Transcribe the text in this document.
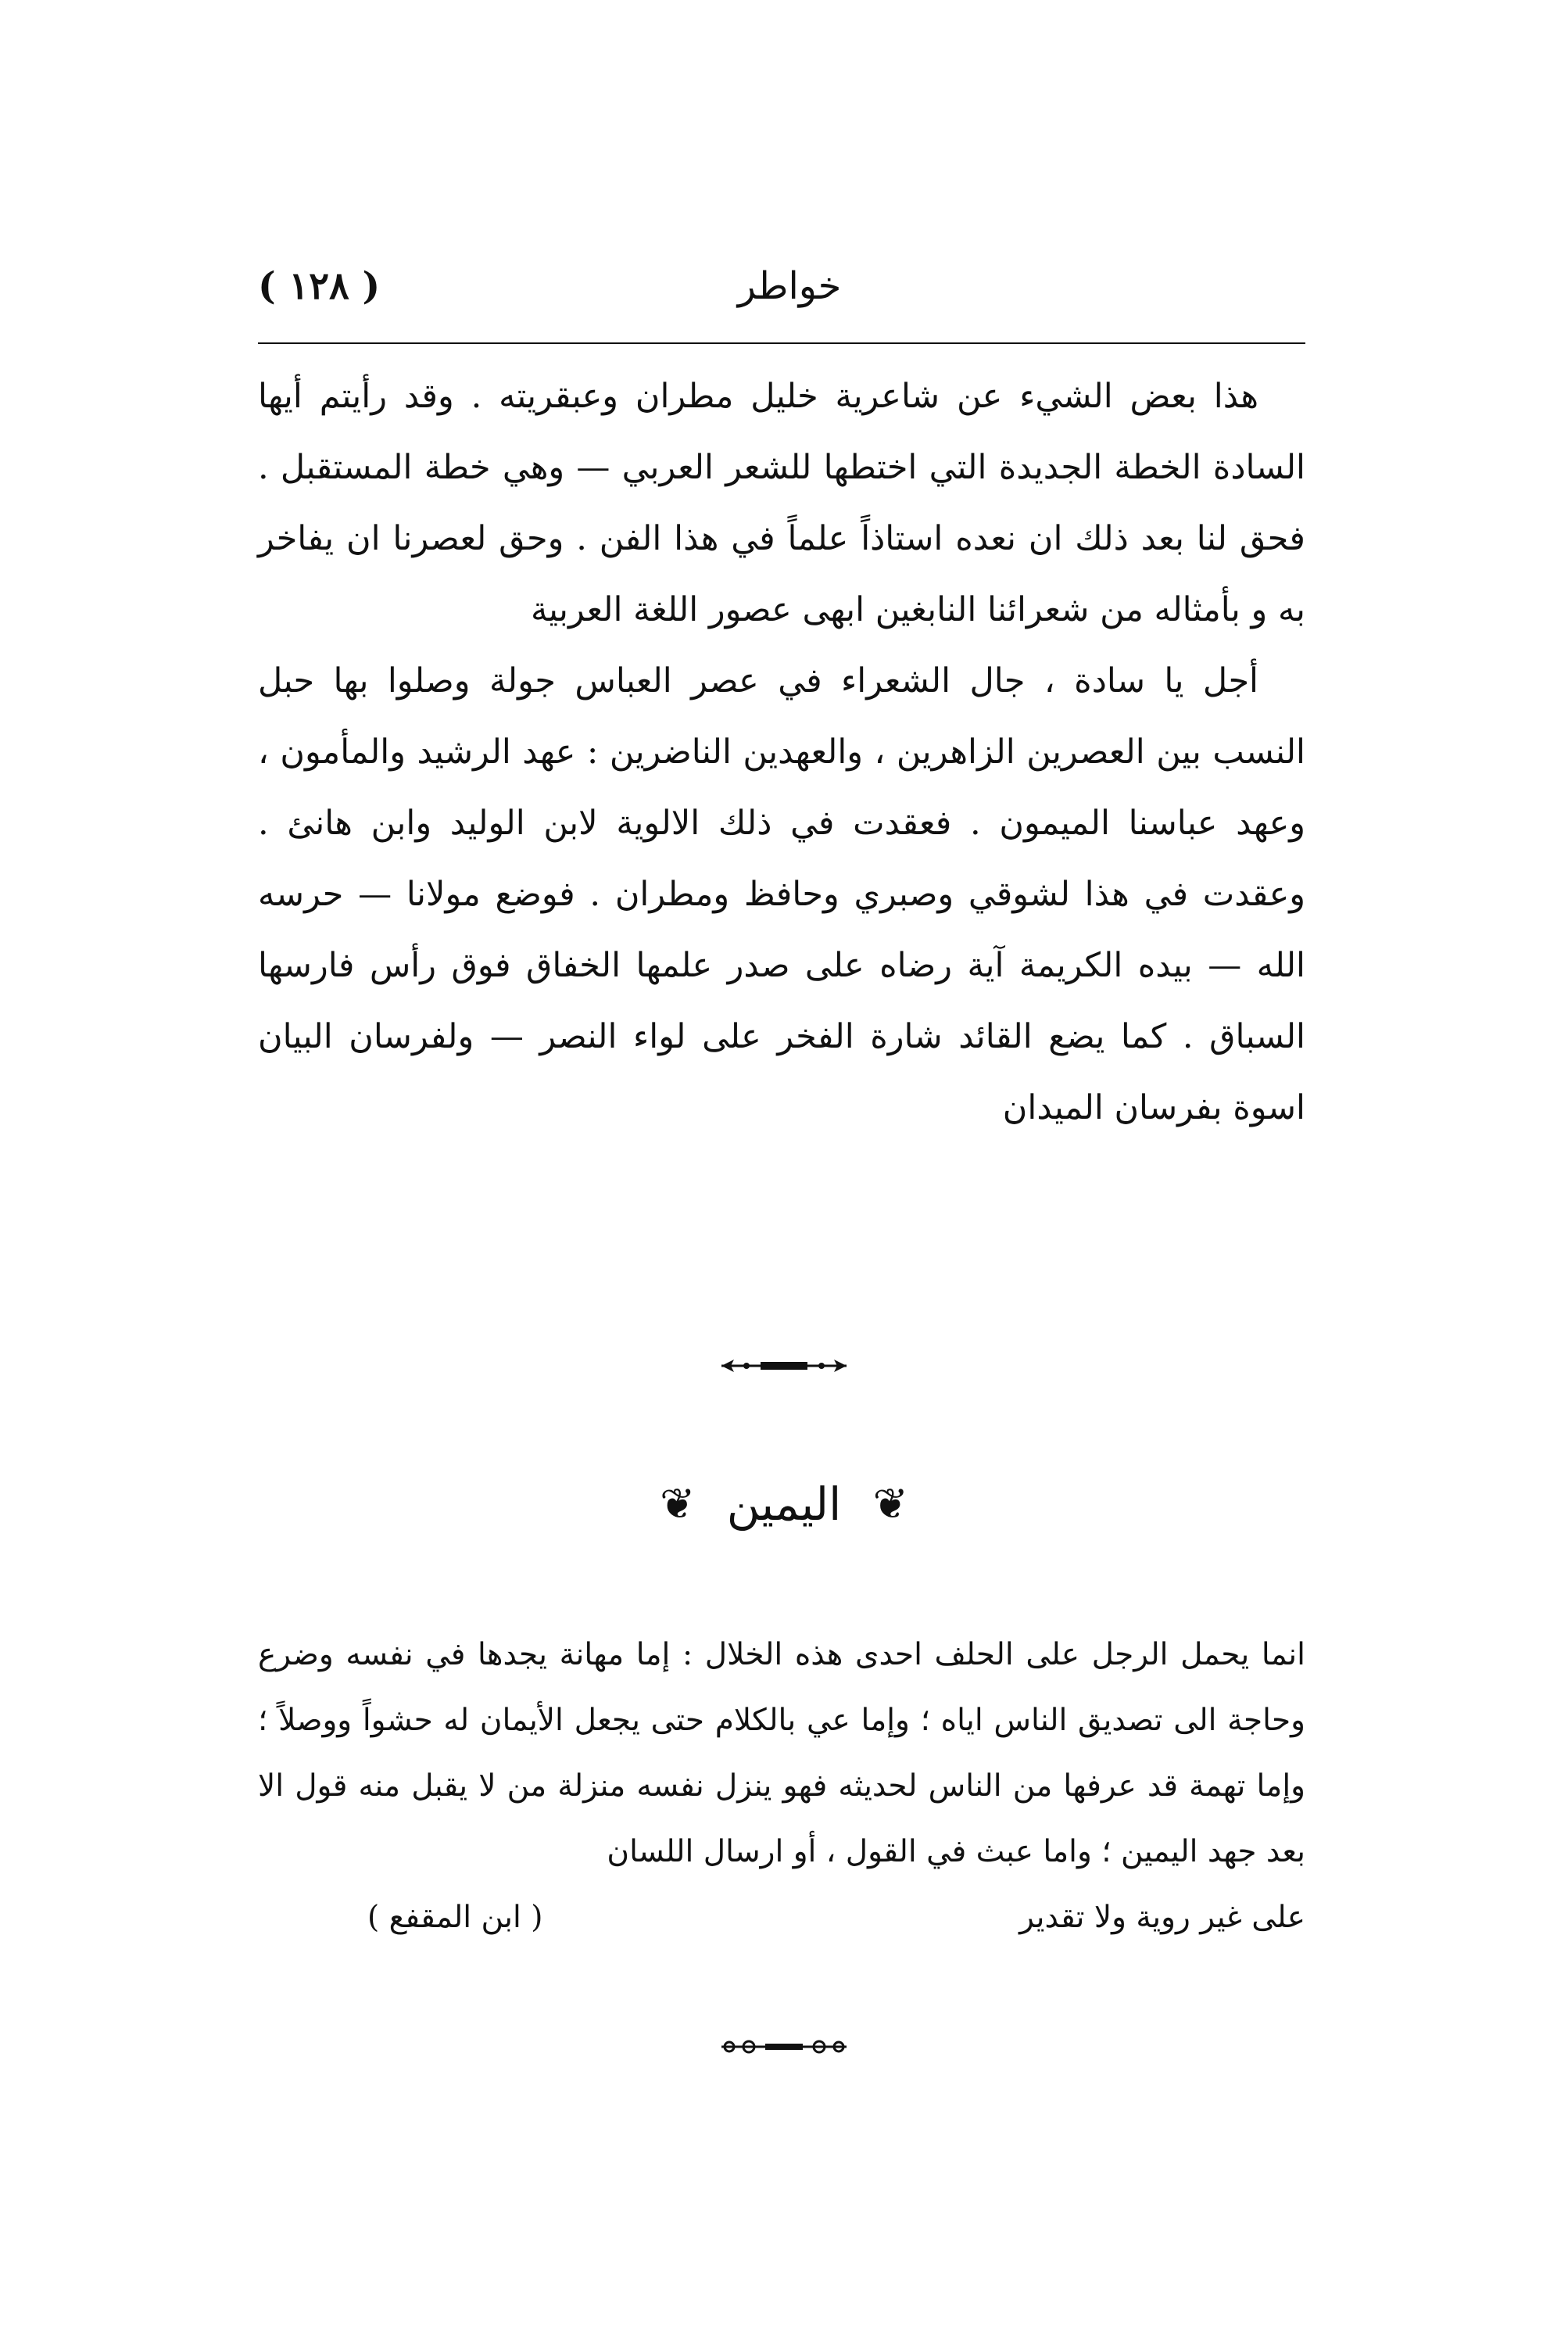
( ١٢٨ )	خواطر

هذا بعض الشيء عن شاعرية خليل مطران وعبقريته . وقد رأيتم أيها السادة الخطة الجديدة التي اختطها للشعر العربي — وهي خطة المستقبل . فحق لنا بعد ذلك ان نعده استاذاً علماً في هذا الفن . وحق لعصرنا ان يفاخر به و بأمثاله من شعرائنا النابغين ابهى عصور اللغة العربية

أجل يا سادة ، جال الشعراء في عصر العباس جولة وصلوا بها حبل النسب بين العصرين الزاهرين ، والعهدين الناضرين : عهد الرشيد والمأمون ، وعهد عباسنا الميمون . فعقدت في ذلك الالوية لابن الوليد وابن هانئ . وعقدت في هذا لشوقي وصبري وحافظ ومطران . فوضع مولانا — حرسه الله — بيده الكريمة آية رضاه على صدر علمها الخفاق فوق رأس فارسها السباق . كما يضع القائد شارة الفخر على لواء النصر — ولفرسان البيان اسوة بفرسان الميدان

❦ اليمين ❦

انما يحمل الرجل على الحلف احدى هذه الخلال : إما مهانة يجدها في نفسه وضرع وحاجة الى تصديق الناس اياه ؛ وإما عي بالكلام حتى يجعل الأيمان له حشواً ووصلاً ؛ وإما تهمة قد عرفها من الناس لحديثه فهو ينزل نفسه منزلة من لا يقبل منه قول الا بعد جهد اليمين ؛ واما عبث في القول ، أو ارسال اللسان

على غير روية ولا تقدير
( ابن المقفع )
